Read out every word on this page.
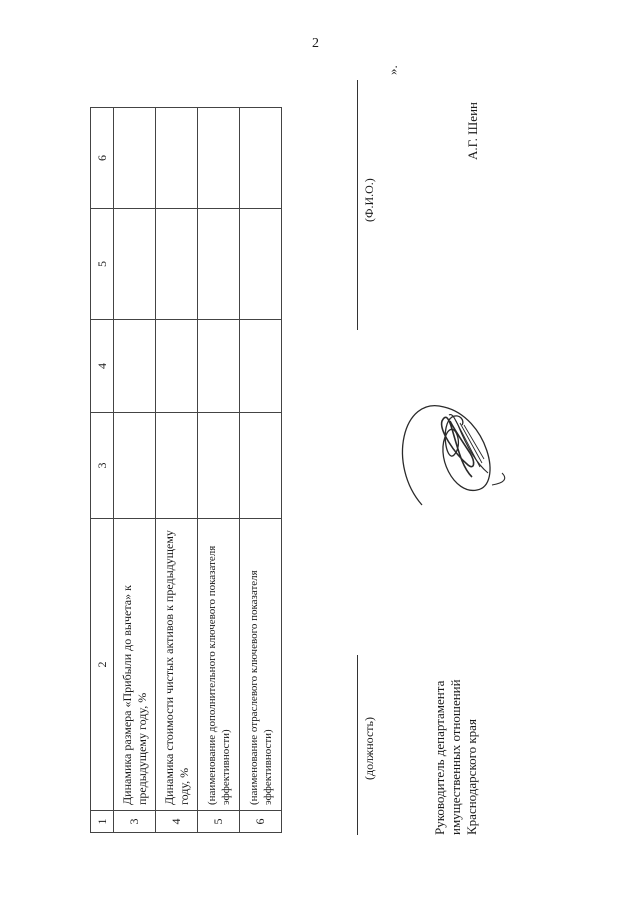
2
1	2	3	4	5	6
3	Динамика размера «Прибыли до вычета» к предыдущему году, %				
4	Динамика стоимости чистых активов к предыдущему году, %				
5	(наименование дополнительного ключевого показателя эффективности)				
6	(наименование отраслевого ключевого показателя эффективности)					(должность)
(Ф.И.О.)
».
Руководитель департамента имущественных отношений Краснодарского края
А.Г. Шеин
